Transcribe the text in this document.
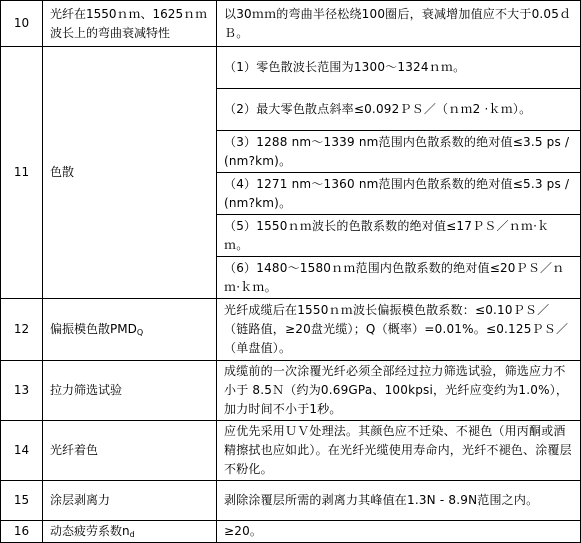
10	光纤在1550ｎｍ、1625ｎｍ波长上的弯曲衰减特性	以30ｍｍ的弯曲半径松绕100圈后，衰减增加值应不大于0.05ｄＢ。
11	色散	（1）零色散波长范围为1300～1324ｎｍ。
		（2）最大零色散点斜率≤0.092ＰＳ／（ｎｍ2 ·ｋｍ）。
		（3）1288 nm～1339 nm范围内色散系数的绝对值≤3.5 ps / (nm?km)。
		（4）1271 nm～1360 nm范围内色散系数的绝对值≤5.3 ps / (nm?km)。
		（5）1550ｎｍ波长的色散系数的绝对值≤17ＰＳ／ｎｍ·ｋｍ。
		（6）1480～1580ｎｍ范围内色散系数的绝对值≤20ＰＳ／ｎｍ·ｋｍ。
12	偏振模色散$PMD_Q$	光纤成缆后在1550ｎｍ波长偏振模色散系数：≤0.10ＰＳ／（链路值，≥20盘光缆）；Q（概率）=0.01%。≤0.125ＰＳ／（单盘值）。
13	拉力筛选试验	成缆前的一次涂覆光纤必须全部经过拉力筛选试验，筛选应力不小于 8.5Ｎ（约为0.69GPa、100kpsi，光纤应变约为1.0%），加力时间不小于1秒。
14	光纤着色	应优先采用ＵＶ处理法。其颜色应不迁染、不褪色（用丙酮或酒精擦拭也应如此）。在光纤光缆使用寿命内，光纤不褪色、涂覆层不粉化。
15	涂层剥离力	剥除涂覆层所需的剥离力其峰值在1.3N - 8.9N范围之内。
16	动态疲劳系数$n_d$	≥20。
